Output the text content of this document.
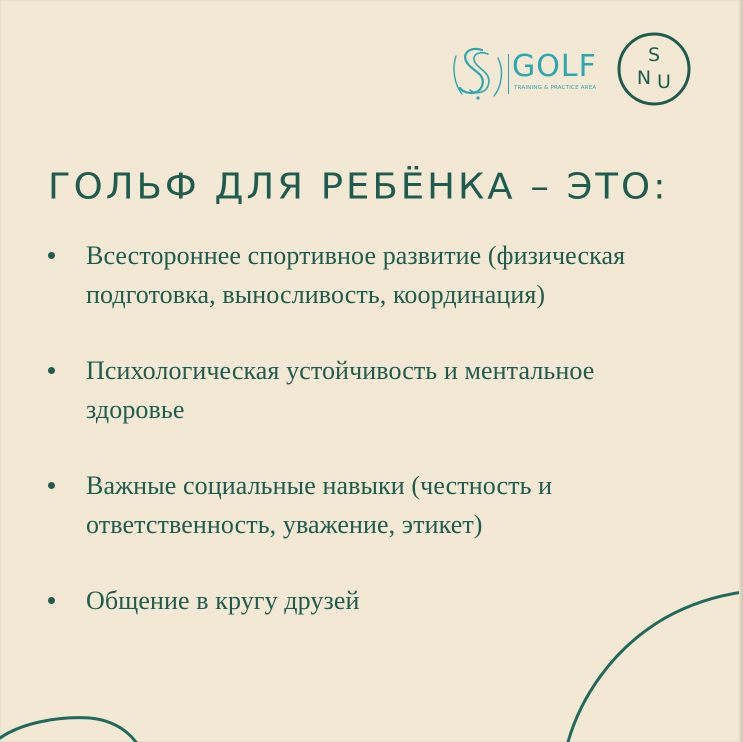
GOLF
TRAINING & PRACTICE AREA
S
N U
ГОЛЬФ ДЛЯ РЕБЁНКА – ЭТО:
Всестороннее спортивное развитие (физическая подготовка, выносливость, координация)
Психологическая устойчивость и ментальное здоровье
Важные социальные навыки (честность и ответственность, уважение, этикет)
Общение в кругу друзей
